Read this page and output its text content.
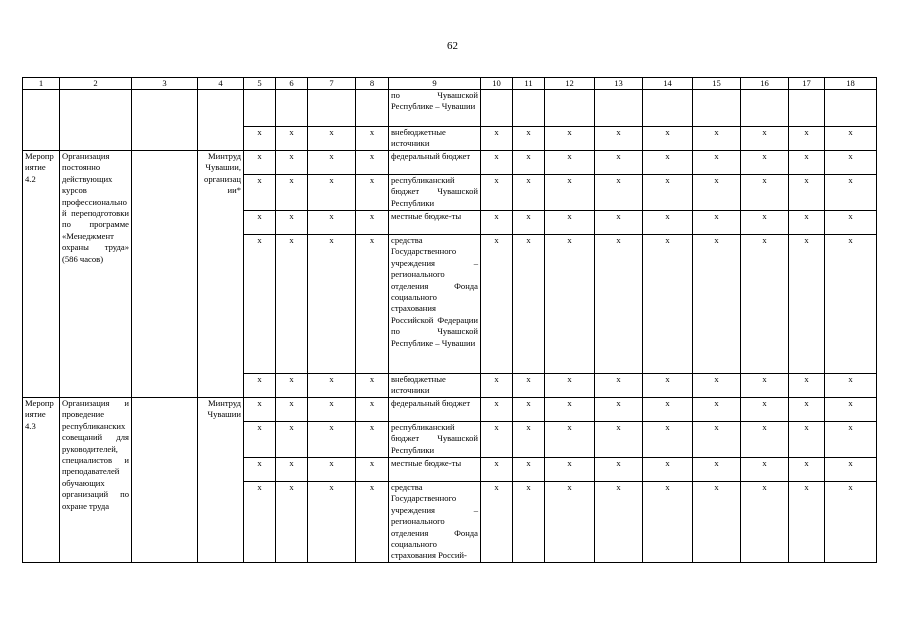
62
1	2	3	4	5	6	7	8	9	10	11	12	13	14	15	16	17	18
								по Чувашской Республике – Чувашии									
				x	x	x	x	внебюджетные источники	x	x	x	x	x	x	x	x	x
Мероприятие 4.2	Организация постоянно действующих курсов профессиональной переподготовки по программе «Менеджмент охраны труда» (586 часов)		Минтруд Чувашии, организации*	x	x	x	x	федеральный бюджет	x	x	x	x	x	x	x	x	x
				x	x	x	x	республиканский бюджет Чувашской Республики	x	x	x	x	x	x	x	x	x
				x	x	x	x	местные бюдже-ты	x	x	x	x	x	x	x	x	x
				x	x	x	x	средства Государственного учреждения – регионального отделения Фонда социального страхования Российской Федерации по Чувашской Республике – Чувашии	x	x	x	x	x	x	x	x	x
				x	x	x	x	внебюджетные источники	x	x	x	x	x	x	x	x	x
Мероприятие 4.3	Организация и проведение республиканских совещаний для руководителей, специалистов и преподавателей обучающих организаций по охране труда		Минтруд Чувашии	x	x	x	x	федеральный бюджет	x	x	x	x	x	x	x	x	x
				x	x	x	x	республиканский бюджет Чувашской Республики	x	x	x	x	x	x	x	x	x
				x	x	x	x	местные бюдже-ты	x	x	x	x	x	x	x	x	x
				x	x	x	x	средства Государственного учреждения – регионального отделения Фонда социального страхования Россий-	x	x	x	x	x	x	x	x	x
